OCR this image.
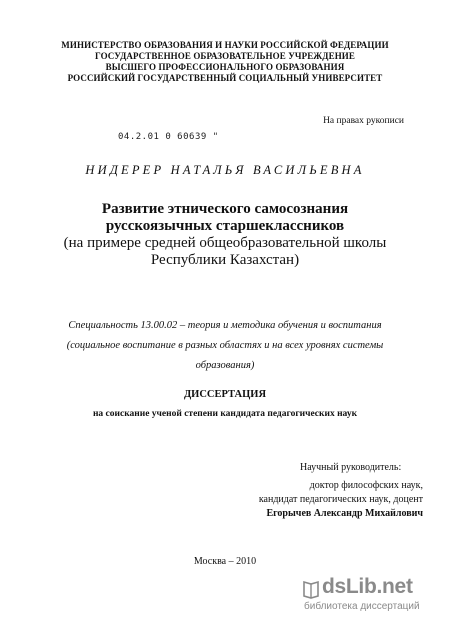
МИНИСТЕРСТВО ОБРАЗОВАНИЯ И НАУКИ РОССИЙСКОЙ ФЕДЕРАЦИИ
ГОСУДАРСТВЕННОЕ ОБРАЗОВАТЕЛЬНОЕ УЧРЕЖДЕНИЕ
ВЫСШЕГО ПРОФЕССИОНАЛЬНОГО ОБРАЗОВАНИЯ
РОССИЙСКИЙ ГОСУДАРСТВЕННЫЙ СОЦИАЛЬНЫЙ УНИВЕРСИТЕТ
На правах рукописи
04.2.01 0 60639 "
НИДЕРЕР НАТАЛЬЯ ВАСИЛЬЕВНА
Развитие этнического самосознания
русскоязычных старшеклассников
(на примере средней общеобразовательной школы
Республики Казахстан)
Специальность 13.00.02 – теория и методика обучения и воспитания
(социальное воспитание в разных областях и на всех уровнях системы
образования)
ДИССЕРТАЦИЯ
на соискание ученой степени кандидата педагогических наук
Научный руководитель:
доктор философских наук,
кандидат педагогических наук, доцент
Егорычев Александр Михайлович
Москва – 2010
dsLib.net
библиотека диссертаций
